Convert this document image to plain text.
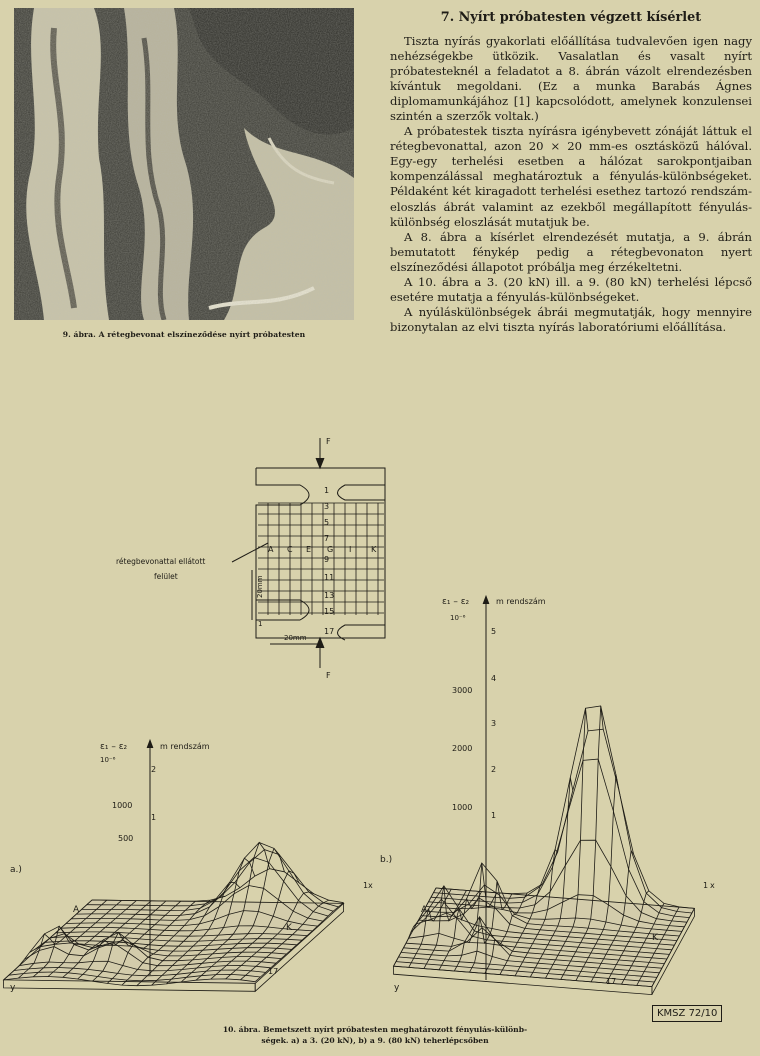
9. ábra. A rétegbevonat elszíneződése nyírt próbatesten
7. Nyírt próbatesten végzett kísérlet

Tiszta nyírás gyakorlati előállítása tudvalevően igen nagy nehézségekbe ütközik. Vasalatlan és vasalt nyírt próbatesteknél a feladatot a 8. ábrán vázolt elrendezésben kívántuk megoldani. (Ez a munka Barabás Ágnes diplomamunkájához [1] kapcsolódott, amelynek konzulensei szintén a szerzők voltak.)

A próbatestek tiszta nyírásra igénybevett zónáját láttuk el rétegbevonattal, azon 20 × 20 mm-es osztásközű hálóval. Egy-egy terhelési esetben a hálózat sarokpontjaiban kompenzálással meghatároztuk a fényulás-különbségeket. Példaként két kiragadott terhelési esethez tartozó rendszám-eloszlás ábrát valamint az ezekből megállapított fényulás-különbség eloszlását mutatjuk be.

A 8. ábra a kísérlet elrendezését mutatja, a 9. ábrán bemutatott fénykép pedig a rétegbevonaton nyert elszíneződési állapotot próbálja meg érzékeltetni.

A 10. ábra a 3. (20 kN) ill. a 9. (80 kN) terhelési lépcső esetére mutatja a fényulás-különbségeket.

A nyúláskülönbségek ábrái megmutatják, hogy mennyire bizonytalan az elvi tiszta nyírás laboratóriumi előállítása.

F
F
1
3
5
7
9
11
13
15
17
A C E G I K
20mm
20mm
1
rétegbevonattal ellátott
felület
ε₁ – ε₂	m rendszám
10⁻⁶
1000
500
2
1
a.)
A
K
x
1
y
17
ε₁ – ε₂	m rendszám
10⁻⁶
3000
2000
1000
5
4
3
2
1
b.)
A
K
x
1
y
17
10. ábra. Bemetszett nyírt próbatesten meghatározott fényulás-különb-
ségek. a) a 3. (20 kN), b) a 9. (80 kN) teherlépcsőben
KMSZ 72/10
